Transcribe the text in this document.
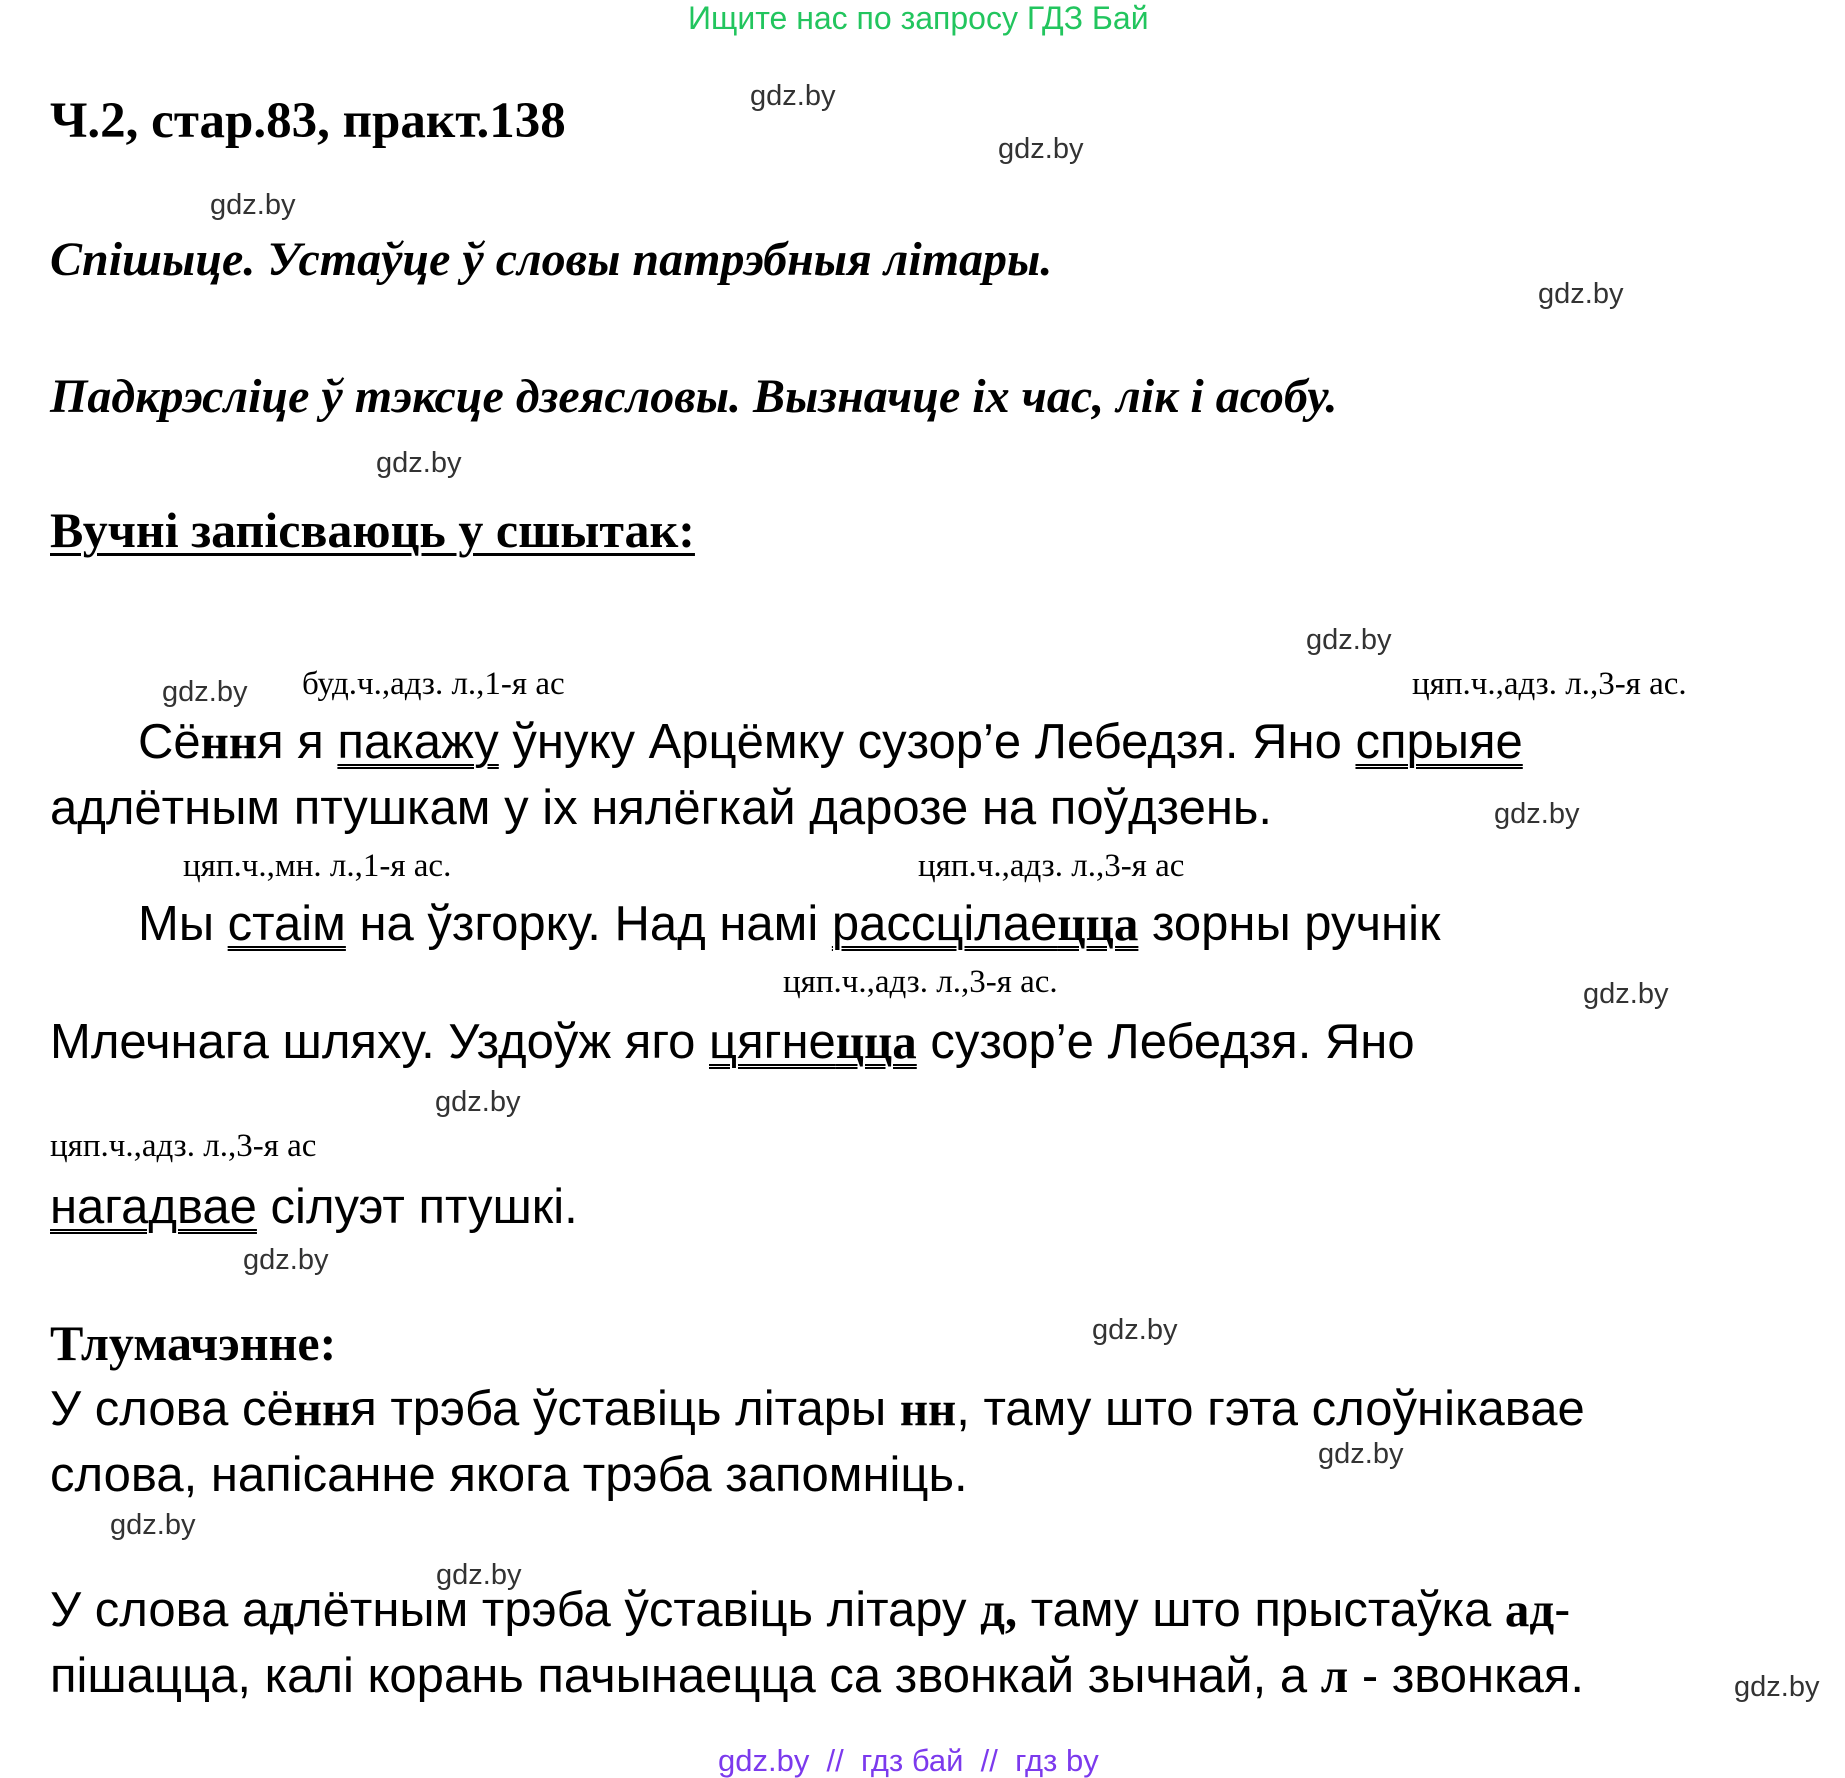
Ищите нас по запросу ГДЗ Бай
Ч.2, стар.83, практ.138
Спішыце. Устаўце ў словы патрэбныя літары.
Падкрэсліце ў тэксце дзеясловы. Вызначце іх час, лік і асобу.
Вучні запісваюць у сшытак:
буд.ч.,адз. л.,1-я ас	цяп.ч.,адз. л.,3-я ас.
цяп.ч.,мн. л.,1-я ас.	цяп.ч.,адз. л.,3-я ас
цяп.ч.,адз. л.,3-я ас.
цяп.ч.,адз. л.,3-я ас
Сёння я пакажу ўнуку Арцёмку сузор’е Лебедзя. Яно спрыяе
адлётным птушкам у іх нялёгкай дарозе на поўдзень.
Мы стаім на ўзгорку. Над намі рассцілаецца зорны ручнік
Млечнага шляху. Уздоўж яго цягнецца сузор’е Лебедзя. Яно
нагадвае сілуэт птушкі.
Тлумачэнне:
У слова сёння трэба ўставіць літары нн, таму што гэта слоўнікавае
слова, напісанне якога трэба запомніць.
У слова адлётным трэба ўставіць літару д, таму што прыстаўка ад-
пішацца, калі корань пачынаецца са звонкай зычнай, а л - звонкая.
gdz.by
gdz.by
gdz.by
gdz.by
gdz.by
gdz.by
gdz.by
gdz.by
gdz.by
gdz.by
gdz.by
gdz.by
gdz.by
gdz.by
gdz.by
gdz.by
gdz.by  //  гдз бай  //  гдз by
